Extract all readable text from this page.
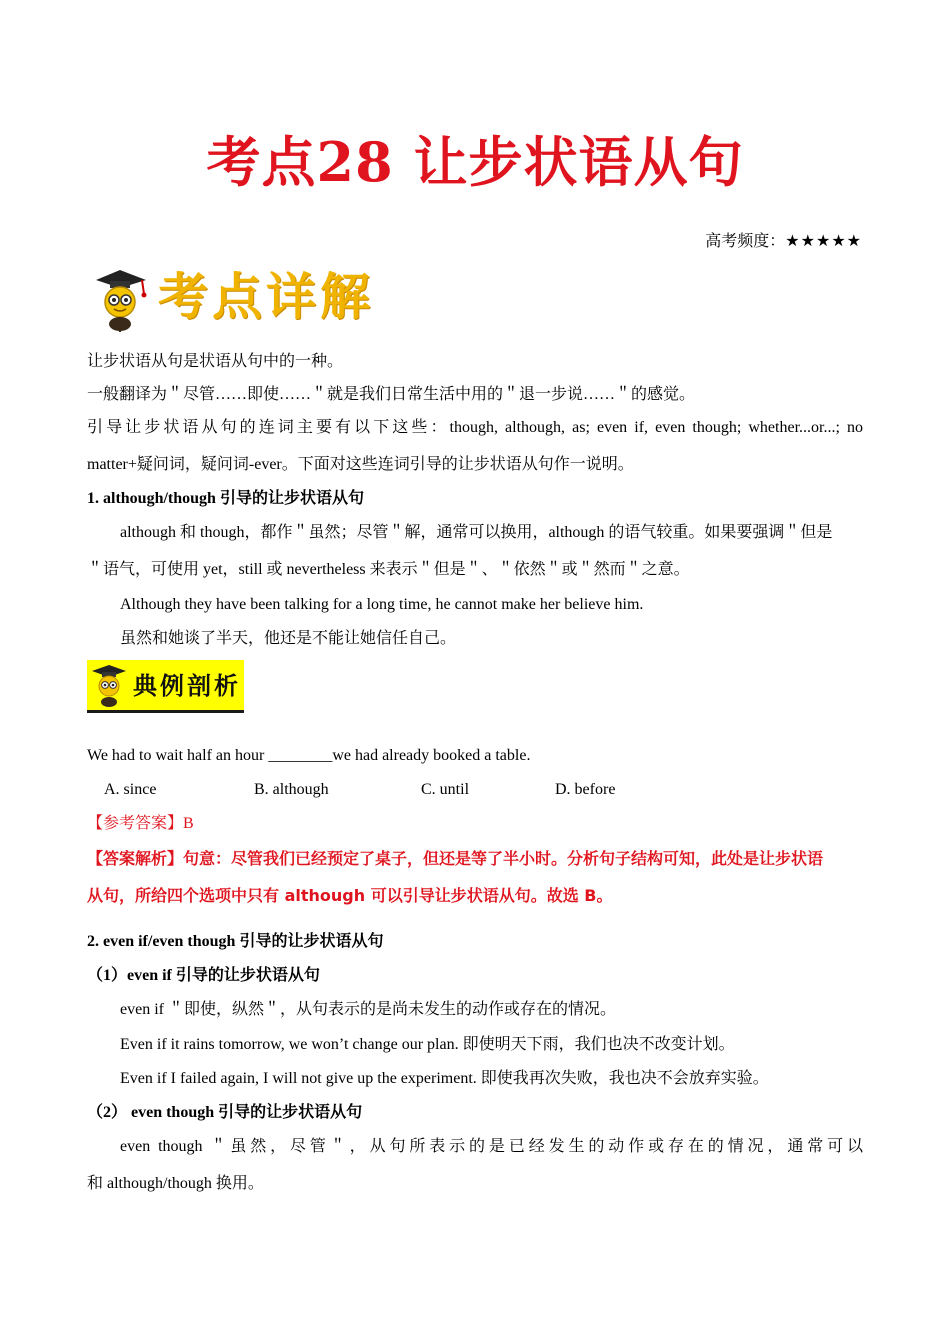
考点28 让步状语从句
高考频度：★★★★★
考点详解
让步状语从句是状语从句中的一种。
一般翻译为＂尽管……即使……＂就是我们日常生活中用的＂退一步说……＂的感觉。
引导让步状语从句的连词主要有以下这些：though, although, as; even if, even though; whether...or...; no
matter+疑问词，疑问词-ever。下面对这些连词引导的让步状语从句作一说明。
1. although/though 引导的让步状语从句
although 和 though，都作＂虽然；尽管＂解，通常可以换用，although 的语气较重。如果要强调＂但是
＂语气，可使用 yet，still 或 nevertheless 来表示＂但是＂、＂依然＂或＂然而＂之意。
Although they have been talking for a long time, he cannot make her believe him.
虽然和她谈了半天，他还是不能让她信任自己。
典例剖析
We had to wait half an hour ________we had already booked a table.
A. since	B. although	C. until	D. before
【参考答案】B
【答案解析】句意：尽管我们已经预定了桌子，但还是等了半小时。分析句子结构可知，此处是让步状语
从句，所给四个选项中只有 although 可以引导让步状语从句。故选 B。
2. even if/even though 引导的让步状语从句
（1）even if 引导的让步状语从句
even if ＂即使，纵然＂，从句表示的是尚未发生的动作或存在的情况。
Even if it rains tomorrow, we won’t change our plan. 即使明天下雨，我们也决不改变计划。
Even if I failed again, I will not give up the experiment. 即使我再次失败，我也决不会放弃实验。
（2） even though 引导的让步状语从句
even though ＂虽然，尽管＂，从句所表示的是已经发生的动作或存在的情况，通常可以
和 although/though 换用。
